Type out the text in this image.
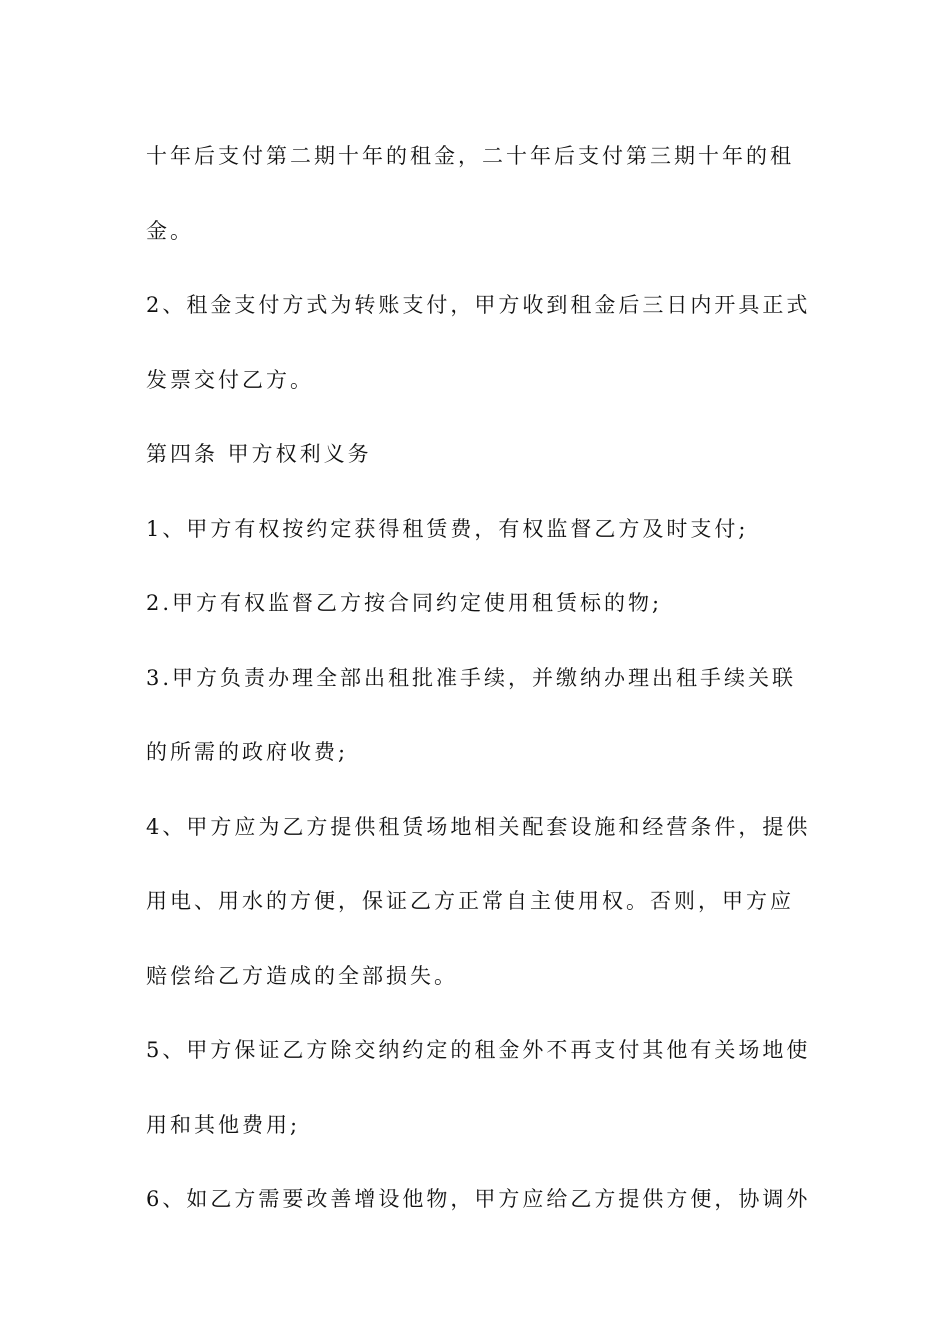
十年后支付第二期十年的租金，二十年后支付第三期十年的租
金。
2、租金支付方式为转账支付，甲方收到租金后三日内开具正式
发票交付乙方。
第四条 甲方权利义务
1、甲方有权按约定获得租赁费，有权监督乙方及时支付;
2.甲方有权监督乙方按合同约定使用租赁标的物;
3.甲方负责办理全部出租批准手续，并缴纳办理出租手续关联
的所需的政府收费;
4、甲方应为乙方提供租赁场地相关配套设施和经营条件，提供
用电、用水的方便，保证乙方正常自主使用权。否则，甲方应
赔偿给乙方造成的全部损失。
5、甲方保证乙方除交纳约定的租金外不再支付其他有关场地使
用和其他费用;
6、如乙方需要改善增设他物，甲方应给乙方提供方便，协调外
